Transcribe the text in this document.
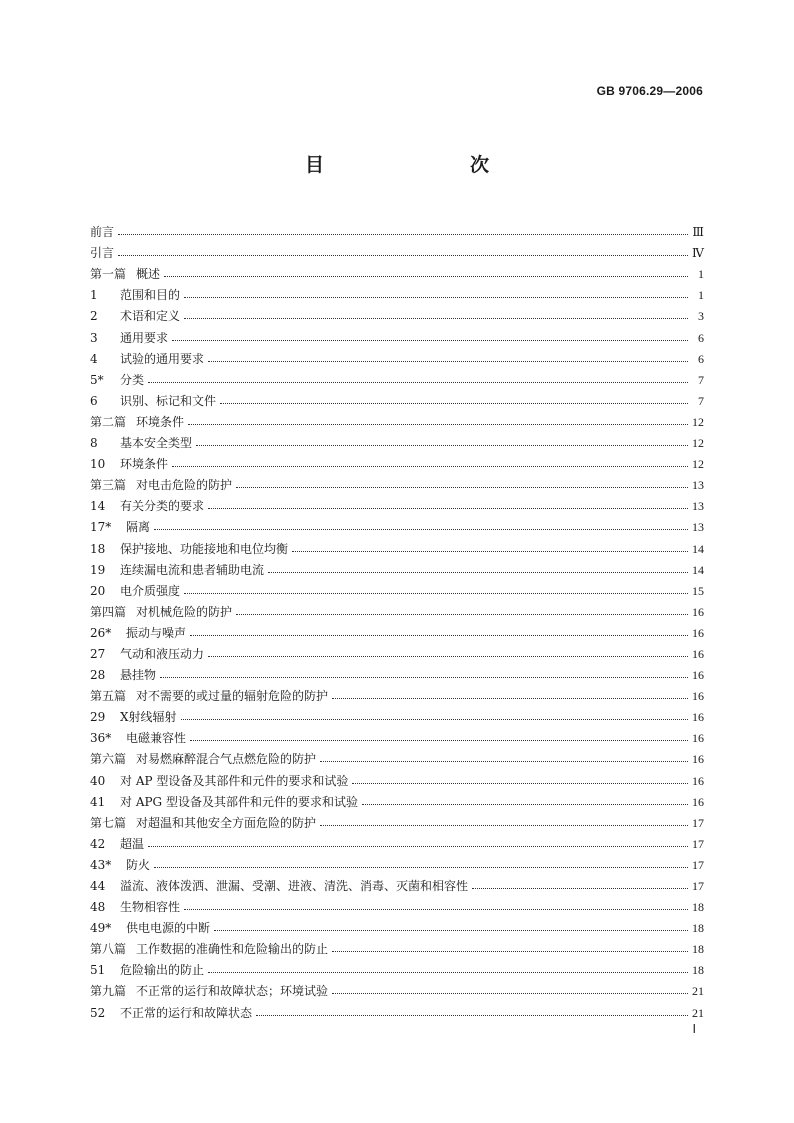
GB 9706.29—2006
目　　次
前言	Ⅲ
引言	Ⅳ
第一篇 概述	1
1 范围和目的	1
2 术语和定义	3
3 通用要求	6
4 试验的通用要求	6
5* 分类	7
6 识别、标记和文件	7
第二篇 环境条件	12
8 基本安全类型	12
10 环境条件	12
第三篇 对电击危险的防护	13
14 有关分类的要求	13
17* 隔离	13
18 保护接地、功能接地和电位均衡	14
19 连续漏电流和患者辅助电流	14
20 电介质强度	15
第四篇 对机械危险的防护	16
26* 振动与噪声	16
27 气动和液压动力	16
28 悬挂物	16
第五篇 对不需要的或过量的辐射危险的防护	16
29 X射线辐射	16
36* 电磁兼容性	16
第六篇 对易燃麻醉混合气点燃危险的防护	16
40 对 AP 型设备及其部件和元件的要求和试验	16
41 对 APG 型设备及其部件和元件的要求和试验	16
第七篇 对超温和其他安全方面危险的防护	17
42 超温	17
43* 防火	17
44 溢流、液体泼洒、泄漏、受潮、进液、清洗、消毒、灭菌和相容性	17
48 生物相容性	18
49* 供电电源的中断	18
第八篇 工作数据的准确性和危险输出的防止	18
51 危险输出的防止	18
第九篇 不正常的运行和故障状态；环境试验	21
52 不正常的运行和故障状态	21
Ⅰ
